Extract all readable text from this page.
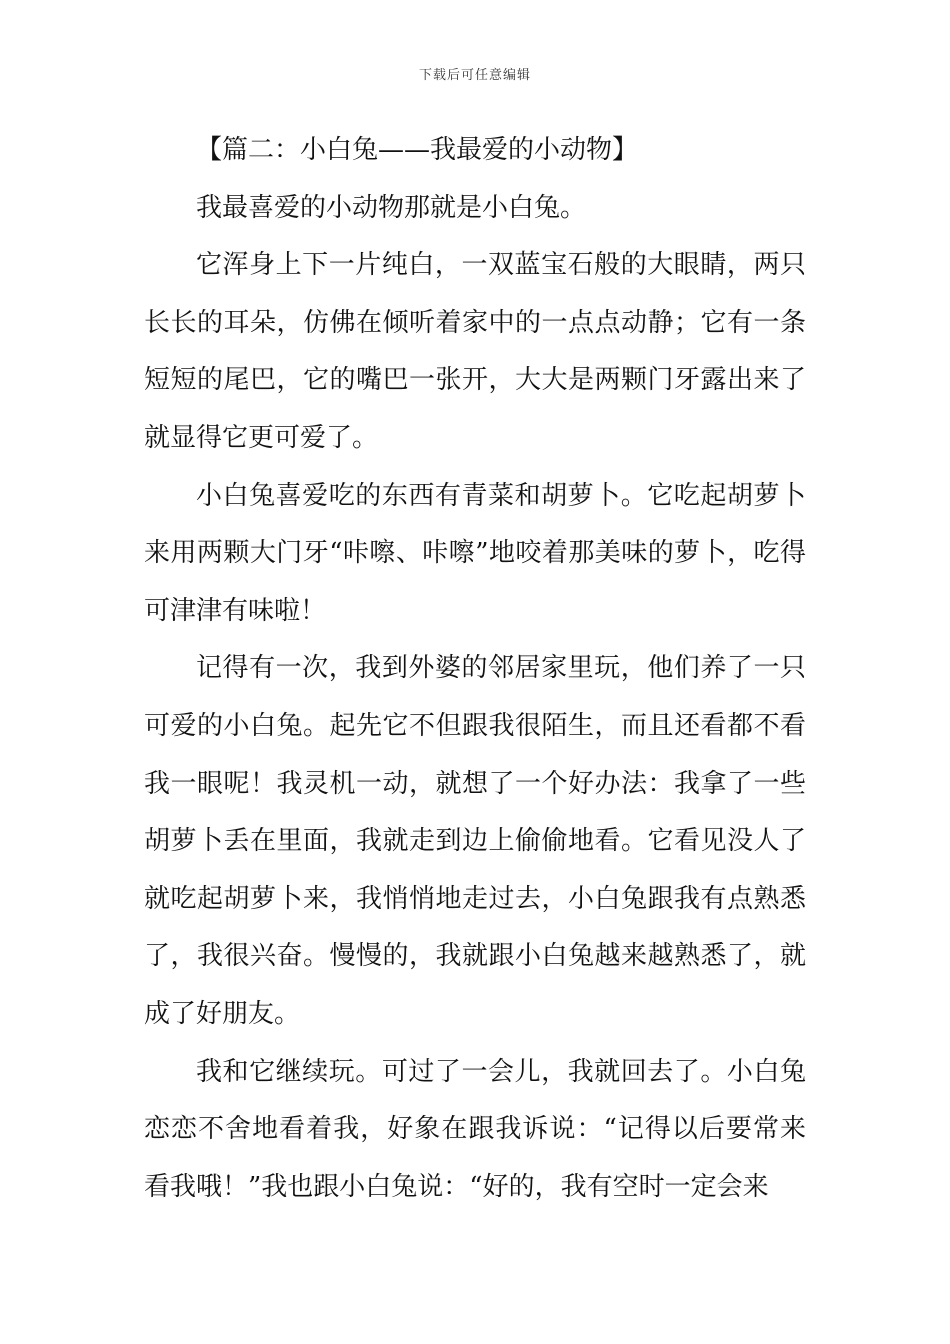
下载后可任意编辑

【篇二：小白兔——我最爱的小动物】

我最喜爱的小动物那就是小白兔。

它浑身上下一片纯白，一双蓝宝石般的大眼睛，两只长长的耳朵，仿佛在倾听着家中的一点点动静；它有一条短短的尾巴，它的嘴巴一张开，大大是两颗门牙露出来了就显得它更可爱了。

小白兔喜爱吃的东西有青菜和胡萝卜。它吃起胡萝卜来用两颗大门牙“咔嚓、咔嚓”地咬着那美味的萝卜，吃得可津津有味啦！

记得有一次，我到外婆的邻居家里玩，他们养了一只可爱的小白兔。起先它不但跟我很陌生，而且还看都不看我一眼呢！我灵机一动，就想了一个好办法：我拿了一些胡萝卜丢在里面，我就走到边上偷偷地看。它看见没人了就吃起胡萝卜来，我悄悄地走过去，小白兔跟我有点熟悉了，我很兴奋。慢慢的，我就跟小白兔越来越熟悉了，就成了好朋友。

我和它继续玩。可过了一会儿，我就回去了。小白兔恋恋不舍地看着我，好象在跟我诉说：“记得以后要常来看我哦！”我也跟小白兔说：“好的，我有空时一定会来
